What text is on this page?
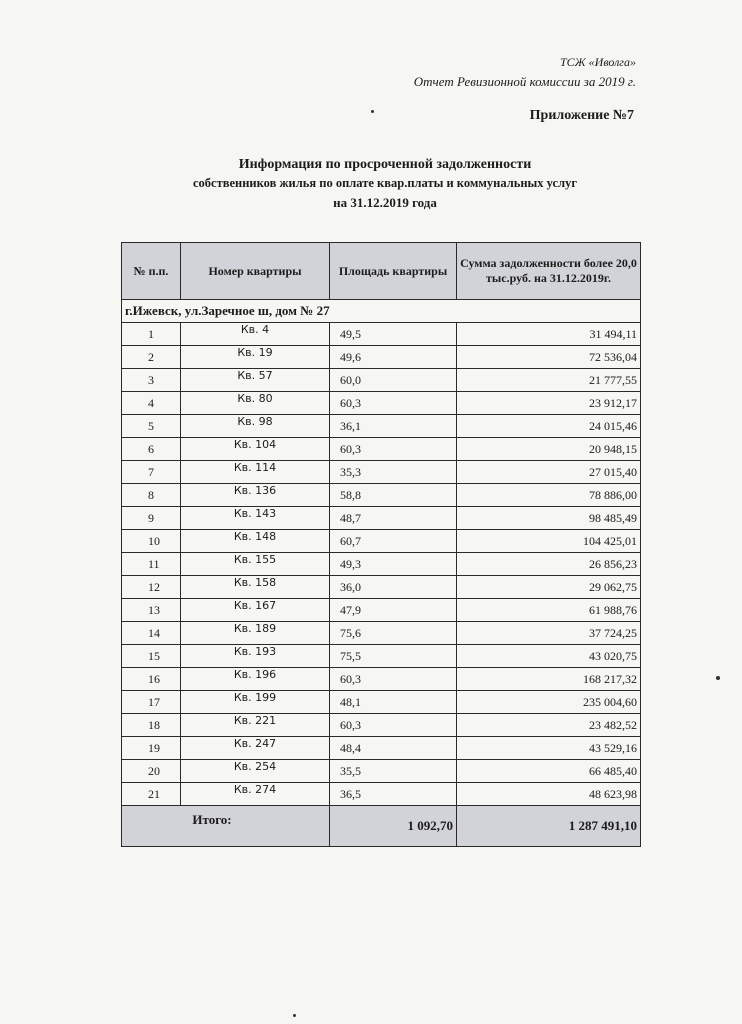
ТСЖ «Иволга»
Отчет Ревизионной комиссии за 2019 г.
Приложение №7
Информация по просроченной задолженности
собственников жилья по оплате квар.платы и коммунальных услуг
на 31.12.2019 года
№ п.п.	Номер квартиры	Площадь квартиры	Сумма задолженности более 20,0 тыс.руб. на 31.12.2019г.
г.Ижевск, ул.Заречное ш, дом № 27			
1	Кв. 4	49,5	31 494,11
2	Кв. 19	49,6	72 536,04
3	Кв. 57	60,0	21 777,55
4	Кв. 80	60,3	23 912,17
5	Кв. 98	36,1	24 015,46
6	Кв. 104	60,3	20 948,15
7	Кв. 114	35,3	27 015,40
8	Кв. 136	58,8	78 886,00
9	Кв. 143	48,7	98 485,49
10	Кв. 148	60,7	104 425,01
11	Кв. 155	49,3	26 856,23
12	Кв. 158	36,0	29 062,75
13	Кв. 167	47,9	61 988,76
14	Кв. 189	75,6	37 724,25
15	Кв. 193	75,5	43 020,75
16	Кв. 196	60,3	168 217,32
17	Кв. 199	48,1	235 004,60
18	Кв. 221	60,3	23 482,52
19	Кв. 247	48,4	43 529,16
20	Кв. 254	35,5	66 485,40
21	Кв. 274	36,5	48 623,98
Итого:		1 092,70	1 287 491,10
